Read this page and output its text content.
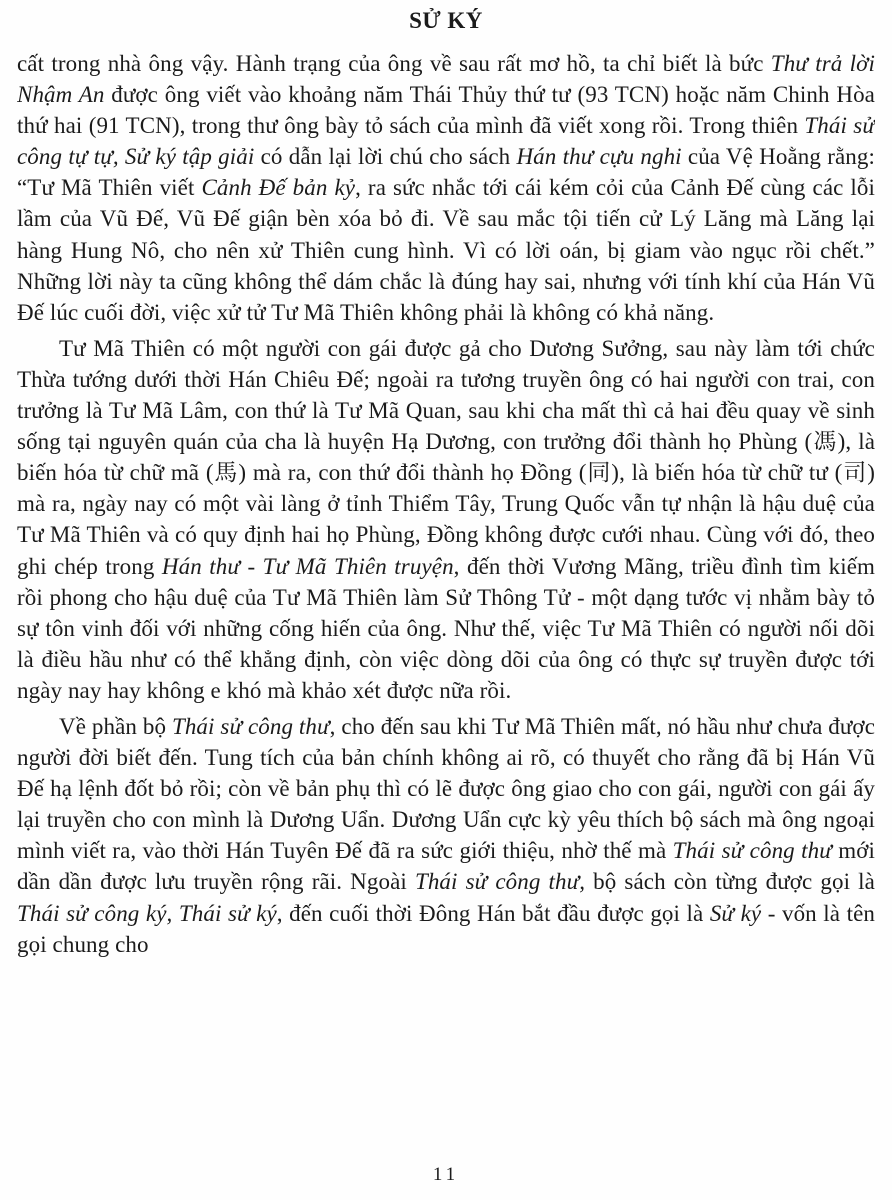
SỬ KÝ

cất trong nhà ông vậy. Hành trạng của ông về sau rất mơ hồ, ta chỉ biết là bức Thư trả lời Nhậm An được ông viết vào khoảng năm Thái Thủy thứ tư (93 TCN) hoặc năm Chinh Hòa thứ hai (91 TCN), trong thư ông bày tỏ sách của mình đã viết xong rồi. Trong thiên Thái sử công tự tự, Sử ký tập giải có dẫn lại lời chú cho sách Hán thư cựu nghi của Vệ Hoằng rằng: “Tư Mã Thiên viết Cảnh Đế bản kỷ, ra sức nhắc tới cái kém cỏi của Cảnh Đế cùng các lỗi lầm của Vũ Đế, Vũ Đế giận bèn xóa bỏ đi. Về sau mắc tội tiến cử Lý Lăng mà Lăng lại hàng Hung Nô, cho nên xử Thiên cung hình. Vì có lời oán, bị giam vào ngục rồi chết.” Những lời này ta cũng không thể dám chắc là đúng hay sai, nhưng với tính khí của Hán Vũ Đế lúc cuối đời, việc xử tử Tư Mã Thiên không phải là không có khả năng.

Tư Mã Thiên có một người con gái được gả cho Dương Sưởng, sau này làm tới chức Thừa tướng dưới thời Hán Chiêu Đế; ngoài ra tương truyền ông có hai người con trai, con trưởng là Tư Mã Lâm, con thứ là Tư Mã Quan, sau khi cha mất thì cả hai đều quay về sinh sống tại nguyên quán của cha là huyện Hạ Dương, con trưởng đổi thành họ Phùng (馮), là biến hóa từ chữ mã (馬) mà ra, con thứ đổi thành họ Đồng (同), là biến hóa từ chữ tư (司) mà ra, ngày nay có một vài làng ở tỉnh Thiểm Tây, Trung Quốc vẫn tự nhận là hậu duệ của Tư Mã Thiên và có quy định hai họ Phùng, Đồng không được cưới nhau. Cùng với đó, theo ghi chép trong Hán thư - Tư Mã Thiên truyện, đến thời Vương Mãng, triều đình tìm kiếm rồi phong cho hậu duệ của Tư Mã Thiên làm Sử Thông Tử - một dạng tước vị nhằm bày tỏ sự tôn vinh đối với những cống hiến của ông. Như thế, việc Tư Mã Thiên có người nối dõi là điều hầu như có thể khẳng định, còn việc dòng dõi của ông có thực sự truyền được tới ngày nay hay không e khó mà khảo xét được nữa rồi.

Về phần bộ Thái sử công thư, cho đến sau khi Tư Mã Thiên mất, nó hầu như chưa được người đời biết đến. Tung tích của bản chính không ai rõ, có thuyết cho rằng đã bị Hán Vũ Đế hạ lệnh đốt bỏ rồi; còn về bản phụ thì có lẽ được ông giao cho con gái, người con gái ấy lại truyền cho con mình là Dương Uẩn. Dương Uẩn cực kỳ yêu thích bộ sách mà ông ngoại mình viết ra, vào thời Hán Tuyên Đế đã ra sức giới thiệu, nhờ thế mà Thái sử công thư mới dần dần được lưu truyền rộng rãi. Ngoài Thái sử công thư, bộ sách còn từng được gọi là Thái sử công ký, Thái sử ký, đến cuối thời Đông Hán bắt đầu được gọi là Sử ký - vốn là tên gọi chung cho

11
